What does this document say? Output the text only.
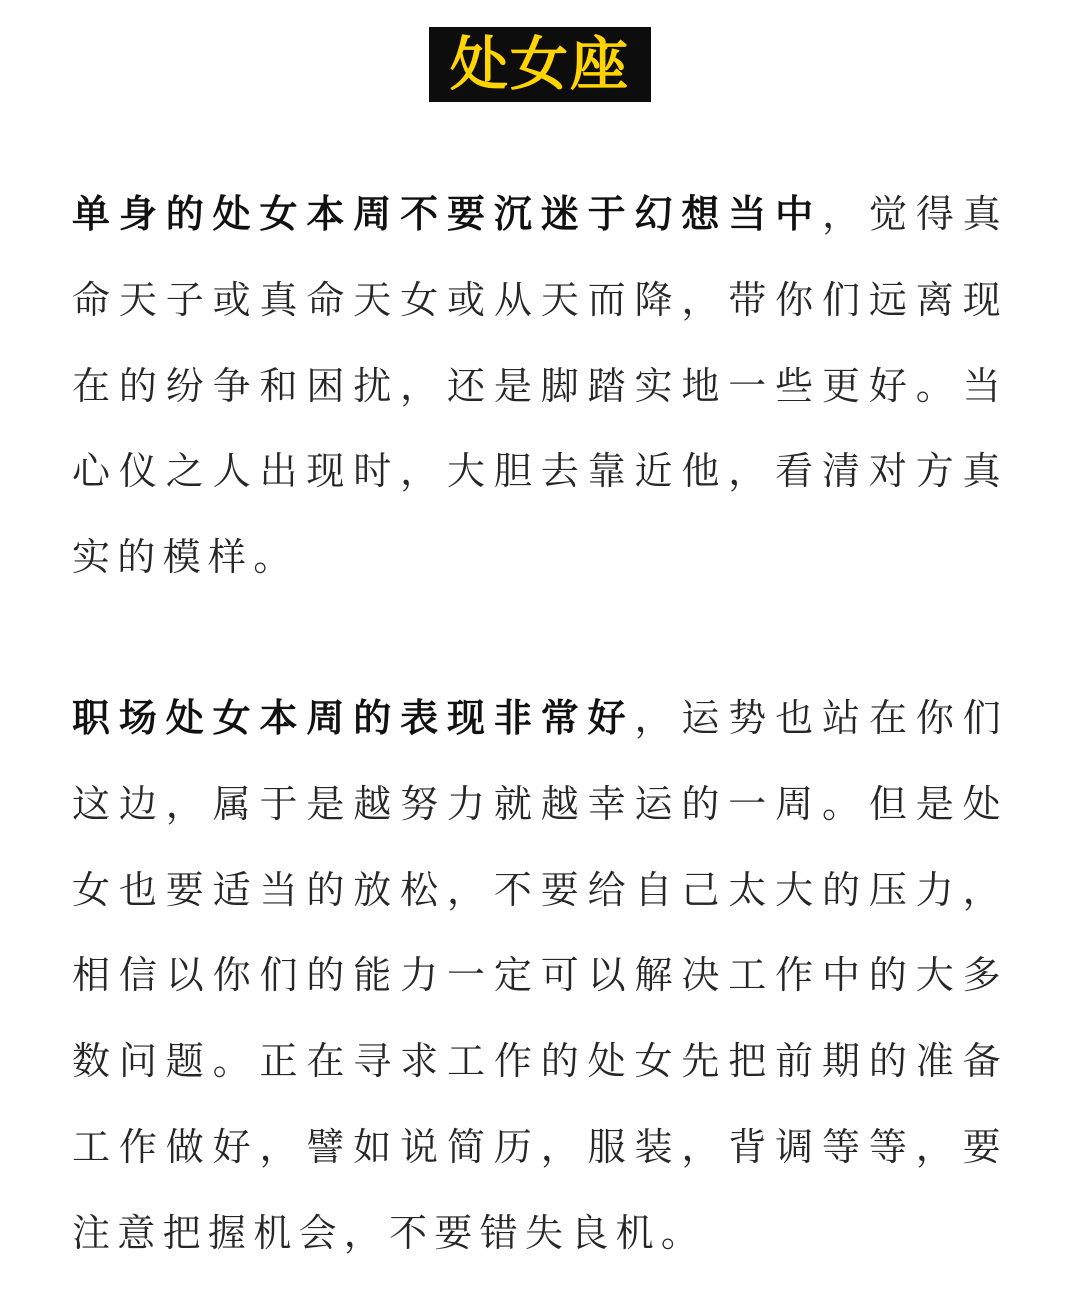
处女座

单身的处女本周不要沉迷于幻想当中，觉得真命天子或真命天女或从天而降，带你们远离现在的纷争和困扰，还是脚踏实地一些更好。当心仪之人出现时，大胆去靠近他，看清对方真实的模样。

职场处女本周的表现非常好，运势也站在你们这边，属于是越努力就越幸运的一周。但是处女也要适当的放松，不要给自己太大的压力，相信以你们的能力一定可以解决工作中的大多数问题。正在寻求工作的处女先把前期的准备工作做好，譬如说简历，服装，背调等等，要注意把握机会，不要错失良机。
